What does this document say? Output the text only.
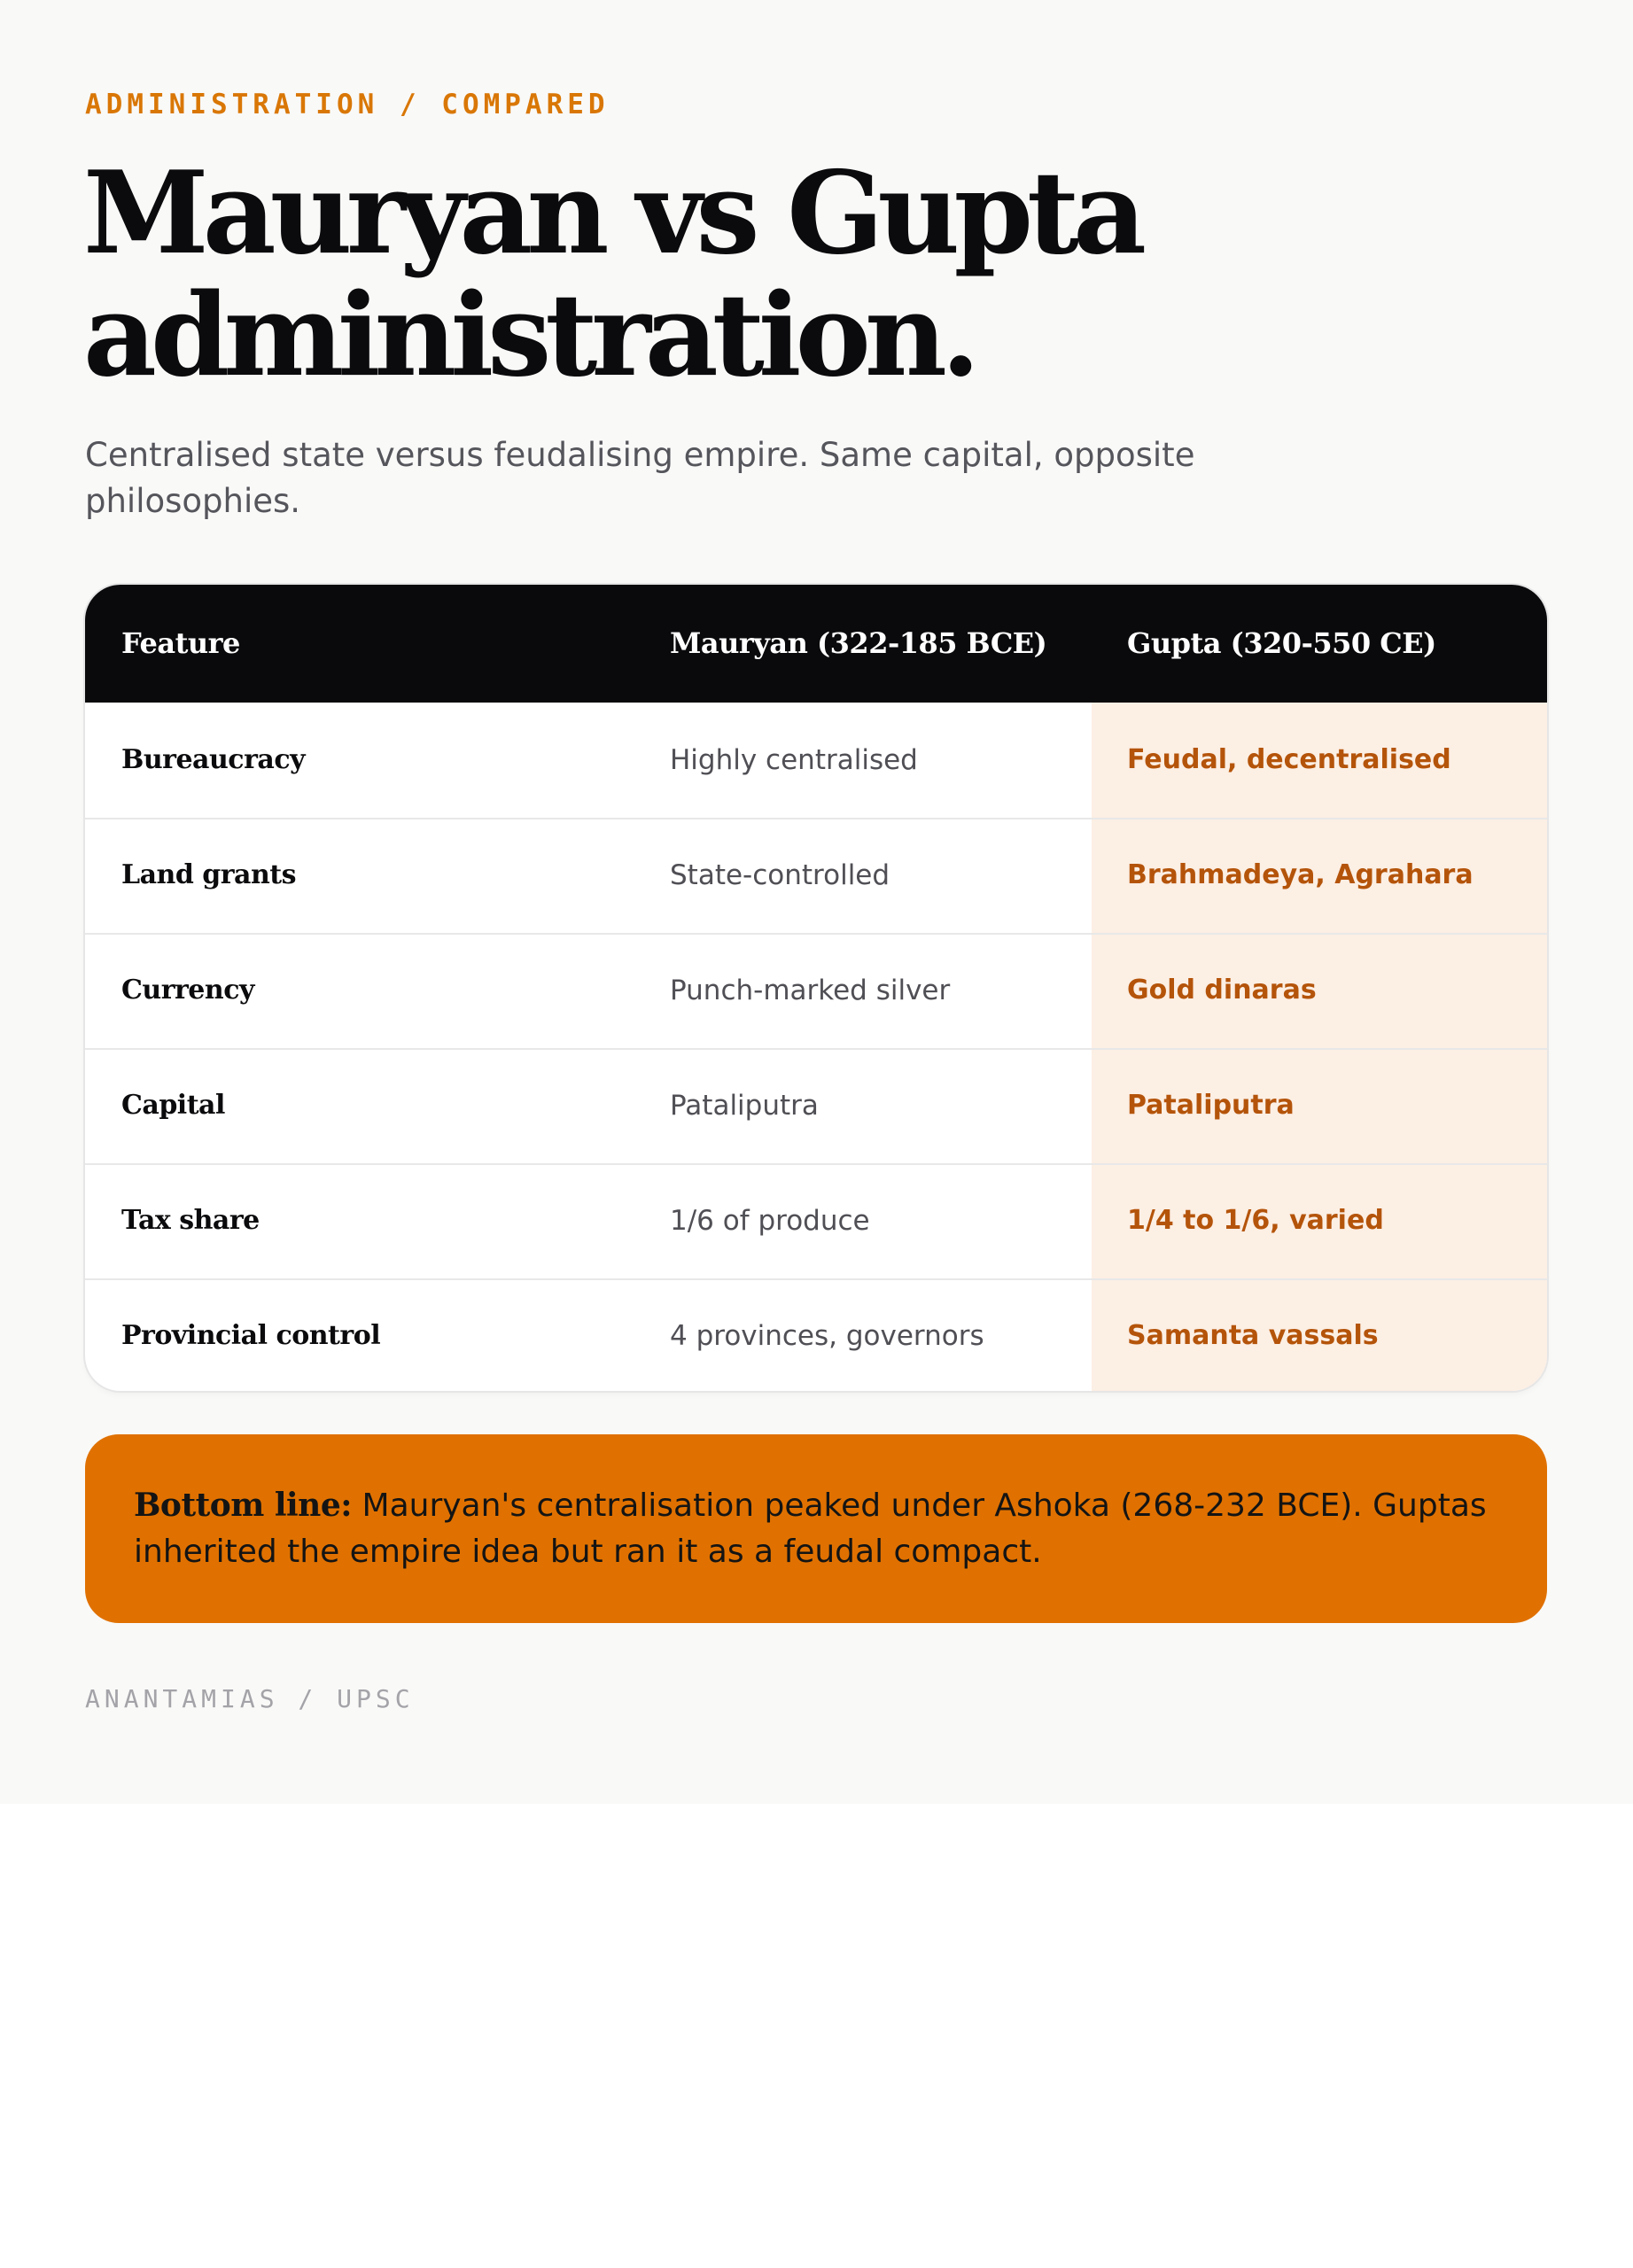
ADMINISTRATION / COMPARED
Mauryan vs Gupta
administration.

Centralised state versus feudalising empire. Same capital, opposite philosophies.

Feature	Mauryan (322-185 BCE)	Gupta (320-550 CE)
Bureaucracy	Highly centralised	Feudal, decentralised
Land grants	State-controlled	Brahmadeya, Agrahara
Currency	Punch-marked silver	Gold dinaras
Capital	Pataliputra	Pataliputra
Tax share	1/6 of produce	1/4 to 1/6, varied
Provincial control	4 provinces, governors	Samanta vassals

Bottom line: Mauryan's centralisation peaked under Ashoka (268-232 BCE). Guptas inherited the empire idea but ran it as a feudal compact.

ANANTAMIAS / UPSC
